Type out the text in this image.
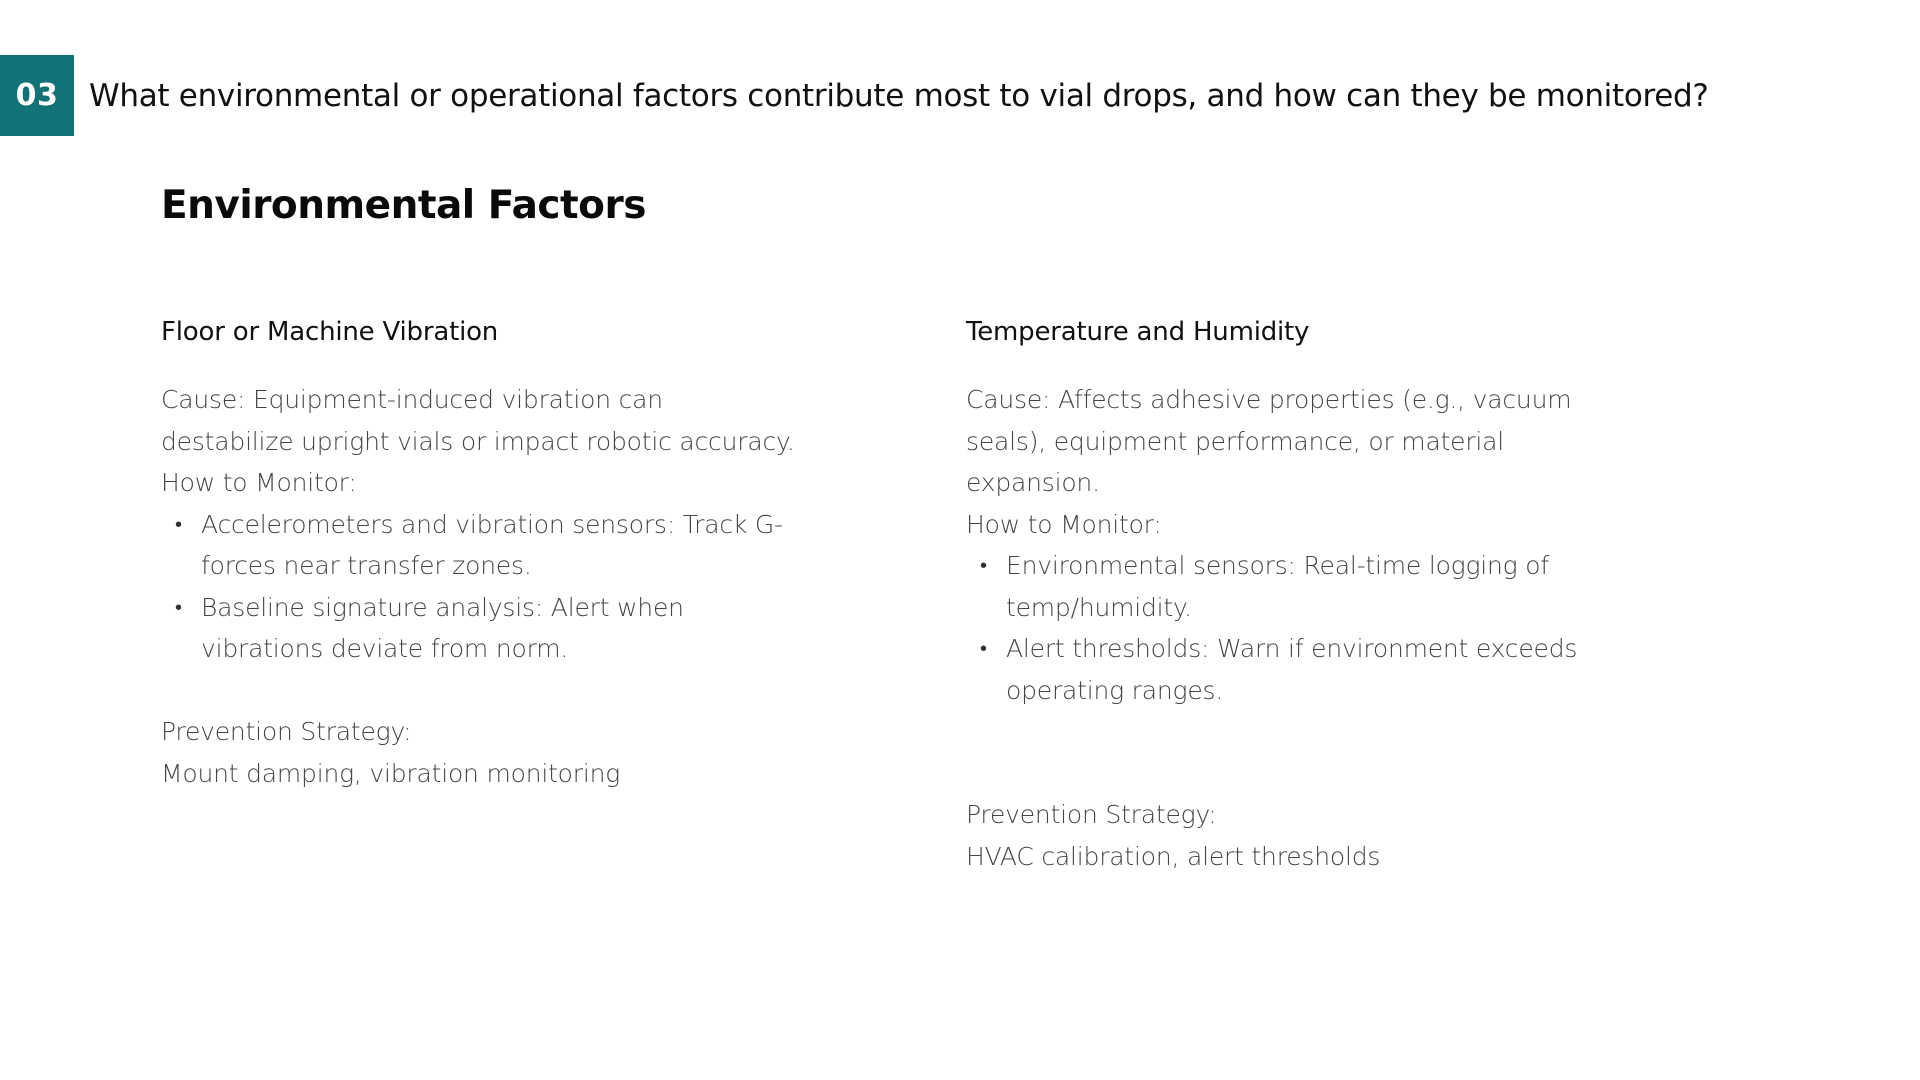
03 What environmental or operational factors contribute most to vial drops, and how can they be monitored?
Environmental Factors
Floor or Machine Vibration

Cause: Equipment-induced vibration can destabilize upright vials or impact robotic accuracy.

How to Monitor:

• Accelerometers and vibration sensors: Track G-forces near transfer zones.
• Baseline signature analysis: Alert when vibrations deviate from norm.

Prevention Strategy:

Mount damping, vibration monitoring

Temperature and Humidity

Cause: Affects adhesive properties (e.g., vacuum seals), equipment performance, or material expansion.

How to Monitor:

• Environmental sensors: Real-time logging of temp/humidity.
• Alert thresholds: Warn if environment exceeds operating ranges.

Prevention Strategy:

HVAC calibration, alert thresholds
